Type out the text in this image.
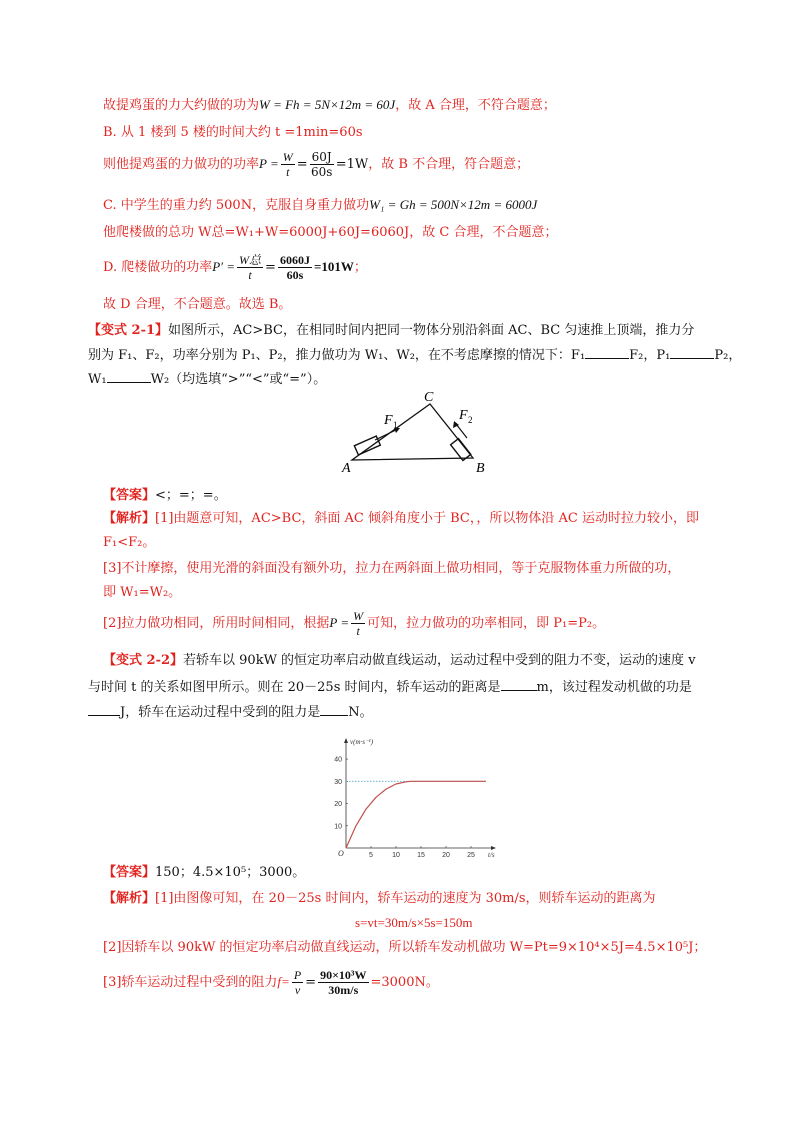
故提鸡蛋的力大约做的功为W = Fh = 5N×12m = 60J，故 A 合理，不符合题意；
B. 从 1 楼到 5 楼的时间大约 t =1min=60s
则他提鸡蛋的力做功的功率$P = \frac{W}{t} = \frac{60J}{60s} =1W$，故 B 不合理，符合题意；
C. 中学生的重力约 500N，克服自身重力做功W₁ = Gh = 500N×12m = 6000J
他爬楼做的总功 W总=W₁+W=6000J+60J=6060J，故 C 合理，不合题意；
D. 爬楼做功的功率$P' = \frac{\text{W总}}{t} = \frac{6060J}{60s} =101W$；
故 D 合理，不合题意。故选 B。
【变式 2-1】如图所示，AC>BC，在相同时间内把同一物体分别沿斜面 AC、BC 匀速推上顶端，推力分
别为 F₁、F₂，功率分别为 P₁、P₂，推力做功为 W₁、W₂，在不考虑摩擦的情况下：F₁	F₂，P₁	P₂，
W₁	W₂（均选填“>”“<”或“=”）。
A	B
C
F 1
F 2
【答案】<；=；=。
【解析】[1]由题意可知，AC>BC，斜面 AC 倾斜角度小于 BC，，所以物体沿 AC 运动时拉力较小，即
F₁<F₂。
[3]不计摩擦，使用光滑的斜面没有额外功，拉力在两斜面上做功相同，等于克服物体重力所做的功，
即 W₁=W₂。
[2]拉力做功相同，所用时间相同，根据$P = \frac{W}{t}$ 可知，拉力做功的功率相同，即 P₁=P₂。
【变式 2-2】若轿车以 90kW 的恒定功率启动做直线运动，运动过程中受到的阻力不变，运动的速度 v
与时间 t 的关系如图甲所示。则在 20－25s 时间内，轿车运动的距离是	m，该过程发动机做的功是
J，轿车在运动过程中受到的阻力是 N。
5	10 15 20 25
10
20
30
40
v(m·s⁻¹)
t/s
O
【答案】150；4.5×10⁵；3000。
【解析】[1]由图像可知，在 20－25s 时间内，轿车运动的速度为 30m/s，则轿车运动的距离为
s=vt=30m/s×5s=150m
[2]因轿车以 90kW 的恒定功率启动做直线运动，所以轿车发动机做功 W=Pt=9×10⁴×5J=4.5×10⁵J；
[3]轿车运动过程中受到的阻力$f= \frac{P}{v} = \frac{\text{90×10³W}}{30m/s} =3000N$。
